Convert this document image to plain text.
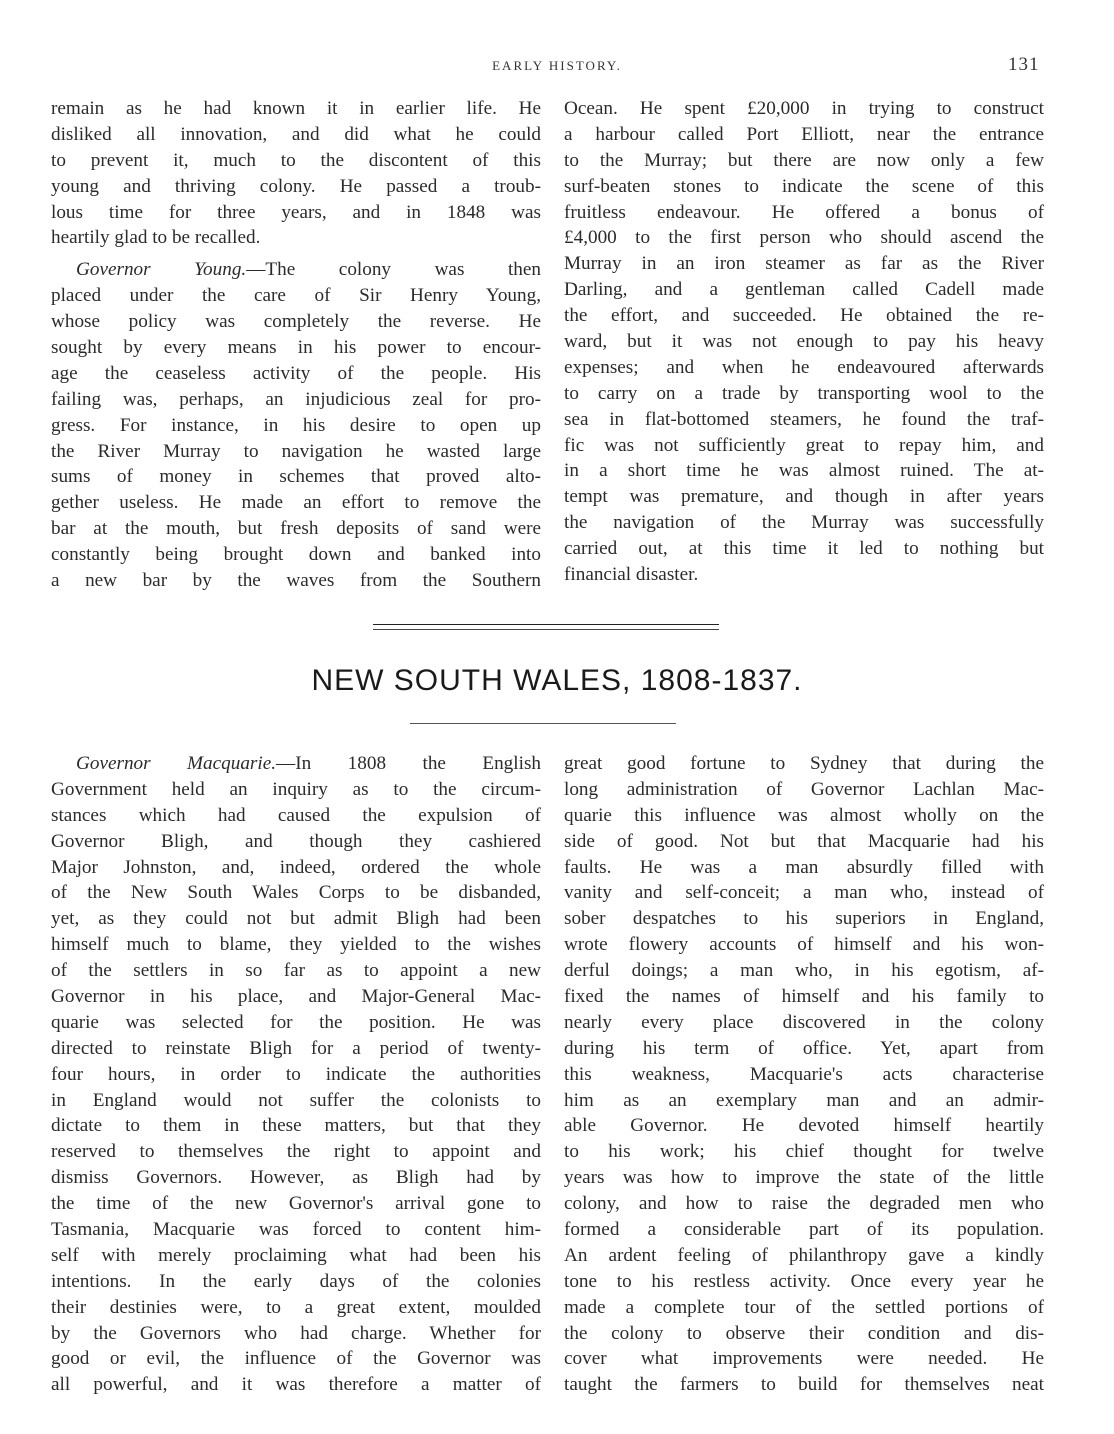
EARLY HISTORY.	131
remain as he had known it in earlier life. He
disliked all innovation, and did what he could
to prevent it, much to the discontent of this
young and thriving colony. He passed a troub-
lous time for three years, and in 1848 was
heartily glad to be recalled.
Governor Young.—The colony was then
placed under the care of Sir Henry Young,
whose policy was completely the reverse. He
sought by every means in his power to encour-
age the ceaseless activity of the people. His
failing was, perhaps, an injudicious zeal for pro-
gress. For instance, in his desire to open up
the River Murray to navigation he wasted large
sums of money in schemes that proved alto-
gether useless. He made an effort to remove the
bar at the mouth, but fresh deposits of sand were
constantly being brought down and banked into
a new bar by the waves from the Southern
Ocean. He spent £20,000 in trying to construct
a harbour called Port Elliott, near the entrance
to the Murray; but there are now only a few
surf-beaten stones to indicate the scene of this
fruitless endeavour. He offered a bonus of
£4,000 to the first person who should ascend the
Murray in an iron steamer as far as the River
Darling, and a gentleman called Cadell made
the effort, and succeeded. He obtained the re-
ward, but it was not enough to pay his heavy
expenses; and when he endeavoured afterwards
to carry on a trade by transporting wool to the
sea in flat-bottomed steamers, he found the traf-
fic was not sufficiently great to repay him, and
in a short time he was almost ruined. The at-
tempt was premature, and though in after years
the navigation of the Murray was successfully
carried out, at this time it led to nothing but
financial disaster.
NEW SOUTH WALES, 1808-1837.
Governor Macquarie.—In 1808 the English
Government held an inquiry as to the circum-
stances which had caused the expulsion of
Governor Bligh, and though they cashiered
Major Johnston, and, indeed, ordered the whole
of the New South Wales Corps to be disbanded,
yet, as they could not but admit Bligh had been
himself much to blame, they yielded to the wishes
of the settlers in so far as to appoint a new
Governor in his place, and Major-General Mac-
quarie was selected for the position. He was
directed to reinstate Bligh for a period of twenty-
four hours, in order to indicate the authorities
in England would not suffer the colonists to
dictate to them in these matters, but that they
reserved to themselves the right to appoint and
dismiss Governors. However, as Bligh had by
the time of the new Governor's arrival gone to
Tasmania, Macquarie was forced to content him-
self with merely proclaiming what had been his
intentions. In the early days of the colonies
their destinies were, to a great extent, moulded
by the Governors who had charge. Whether for
good or evil, the influence of the Governor was
all powerful, and it was therefore a matter of
great good fortune to Sydney that during the
long administration of Governor Lachlan Mac-
quarie this influence was almost wholly on the
side of good. Not but that Macquarie had his
faults. He was a man absurdly filled with
vanity and self-conceit; a man who, instead of
sober despatches to his superiors in England,
wrote flowery accounts of himself and his won-
derful doings; a man who, in his egotism, af-
fixed the names of himself and his family to
nearly every place discovered in the colony
during his term of office. Yet, apart from
this weakness, Macquarie's acts characterise
him as an exemplary man and an admir-
able Governor. He devoted himself heartily
to his work; his chief thought for twelve
years was how to improve the state of the little
colony, and how to raise the degraded men who
formed a considerable part of its population.
An ardent feeling of philanthropy gave a kindly
tone to his restless activity. Once every year he
made a complete tour of the settled portions of
the colony to observe their condition and dis-
cover what improvements were needed. He
taught the farmers to build for themselves neat
